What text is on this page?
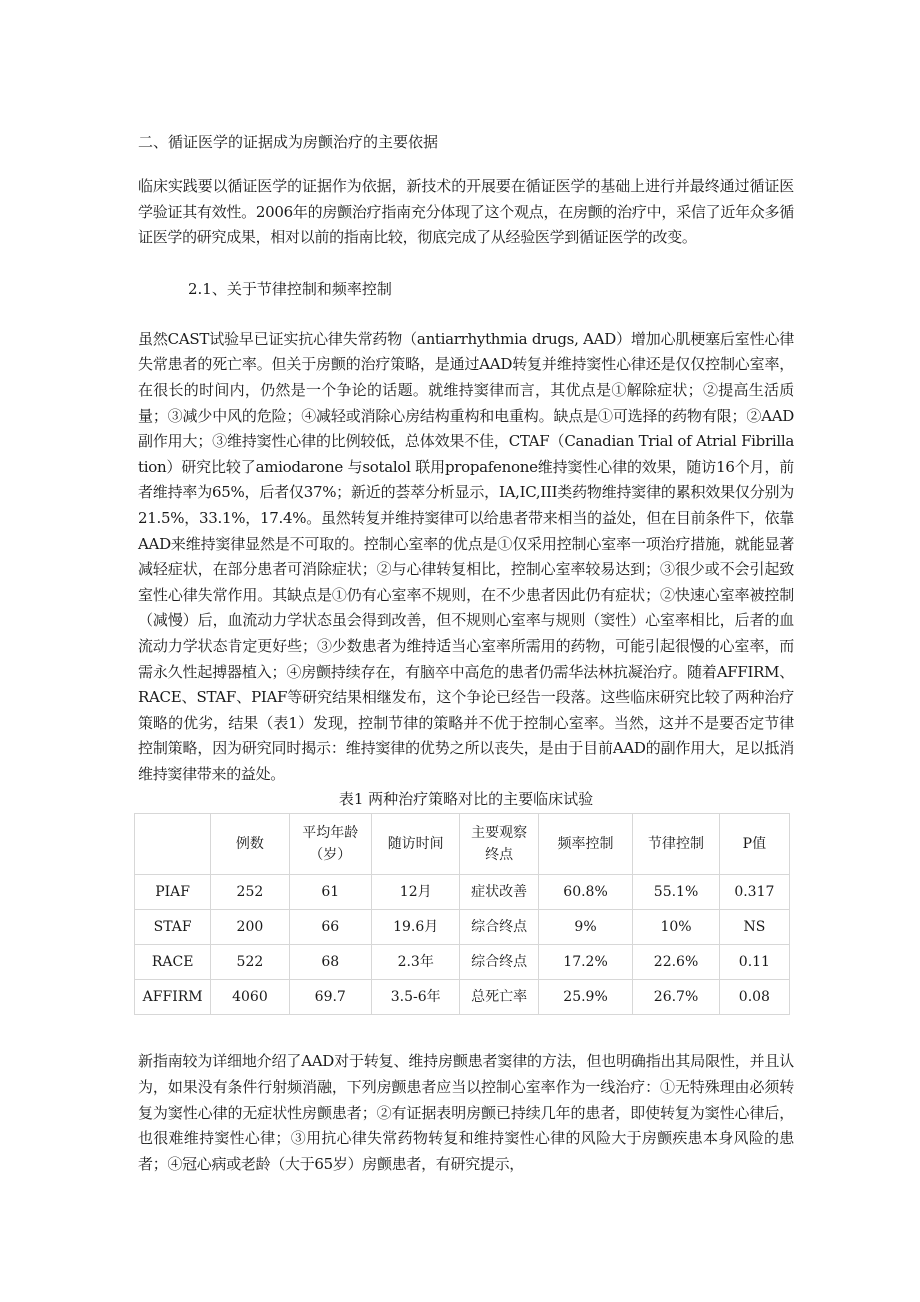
二、循证医学的证据成为房颤治疗的主要依据

临床实践要以循证医学的证据作为依据，新技术的开展要在循证医学的基础上进行并最终通过循证医学验证其有效性。2006年的房颤治疗指南充分体现了这个观点，在房颤的治疗中，采信了近年众多循证医学的研究成果，相对以前的指南比较，彻底完成了从经验医学到循证医学的改变。

2.1、关于节律控制和频率控制

虽然CAST试验早已证实抗心律失常药物（antiarrhythmia drugs, AAD）增加心肌梗塞后室性心律失常患者的死亡率。但关于房颤的治疗策略，是通过AAD转复并维持窦性心律还是仅仅控制心室率，在很长的时间内，仍然是一个争论的话题。就维持窦律而言，其优点是①解除症状；②提高生活质量；③减少中风的危险；④减轻或消除心房结构重构和电重构。缺点是①可选择的药物有限；②AAD副作用大；③维持窦性心律的比例较低，总体效果不佳，CTAF（Canadian Trial of Atrial Fibrillation）研究比较了amiodarone 与sotalol 联用propafenone维持窦性心律的效果，随访16个月，前者维持率为65%，后者仅37%；新近的荟萃分析显示，IA,IC,III类药物维持窦律的累积效果仅分别为21.5%，33.1%，17.4%。虽然转复并维持窦律可以给患者带来相当的益处，但在目前条件下，依靠AAD来维持窦律显然是不可取的。控制心室率的优点是①仅采用控制心室率一项治疗措施，就能显著减轻症状，在部分患者可消除症状；②与心律转复相比，控制心室率较易达到；③很少或不会引起致室性心律失常作用。其缺点是①仍有心室率不规则，在不少患者因此仍有症状；②快速心室率被控制（减慢）后，血流动力学状态虽会得到改善，但不规则心室率与规则（窦性）心室率相比，后者的血流动力学状态肯定更好些；③少数患者为维持适当心室率所需用的药物，可能引起很慢的心室率，而需永久性起搏器植入；④房颤持续存在，有脑卒中高危的患者仍需华法林抗凝治疗。随着AFFIRM、RACE、STAF、PIAF等研究结果相继发布，这个争论已经告一段落。这些临床研究比较了两种治疗策略的优劣，结果（表1）发现，控制节律的策略并不优于控制心室率。当然，这并不是要否定节律控制策略，因为研究同时揭示：维持窦律的优势之所以丧失，是由于目前AAD的副作用大，足以抵消维持窦律带来的益处。

表1 两种治疗策略对比的主要临床试验

	例数	平均年龄（岁）	随访时间	主要观察终点	频率控制	节律控制	P值
PIAF	252	61	12月	症状改善	60.8%	55.1%	0.317
STAF	200	66	19.6月	综合终点	9%	10%	NS
RACE	522	68	2.3年	综合终点	17.2%	22.6%	0.11
AFFIRM	4060	69.7	3.5-6年	总死亡率	25.9%	26.7%	0.08

新指南较为详细地介绍了AAD对于转复、维持房颤患者窦律的方法，但也明确指出其局限性，并且认为，如果没有条件行射频消融，下列房颤患者应当以控制心室率作为一线治疗：①无特殊理由必须转复为窦性心律的无症状性房颤患者；②有证据表明房颤已持续几年的患者，即使转复为窦性心律后，也很难维持窦性心律；③用抗心律失常药物转复和维持窦性心律的风险大于房颤疾患本身风险的患者；④冠心病或老龄（大于65岁）房颤患者，有研究提示，
